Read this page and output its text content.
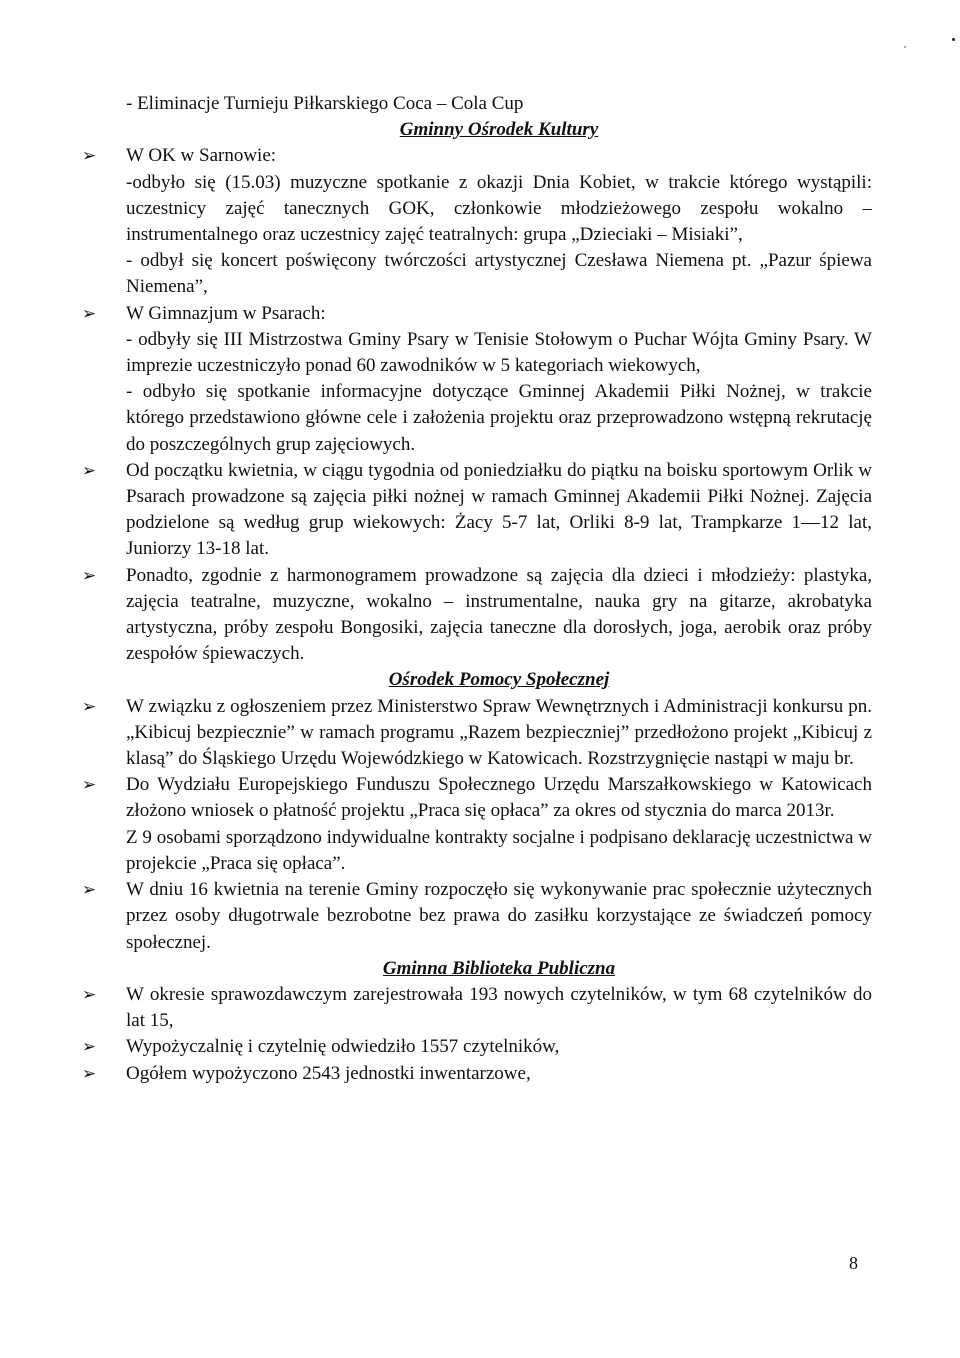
- Eliminacje Turnieju Piłkarskiego Coca – Cola Cup
Gminny Ośrodek Kultury
➢	W OK w Sarnowie:
-odbyło się (15.03) muzyczne spotkanie z okazji Dnia Kobiet, w trakcie którego wystąpili: uczestnicy zajęć tanecznych GOK, członkowie młodzieżowego zespołu wokalno – instrumentalnego oraz uczestnicy zajęć teatralnych: grupa „Dzieciaki – Misiaki”,
- odbył się koncert poświęcony twórczości artystycznej Czesława Niemena pt. „Pazur śpiewa Niemena”,
➢	W Gimnazjum w Psarach:
- odbyły się III Mistrzostwa Gminy Psary w Tenisie Stołowym o Puchar Wójta Gminy Psary. W imprezie uczestniczyło ponad 60 zawodników w 5 kategoriach wiekowych,
- odbyło się spotkanie informacyjne dotyczące Gminnej Akademii Piłki Nożnej, w trakcie którego przedstawiono główne cele i założenia projektu oraz przeprowadzono wstępną rekrutację do poszczególnych grup zajęciowych.
➢	Od początku kwietnia, w ciągu tygodnia od poniedziałku do piątku na boisku sportowym Orlik w Psarach prowadzone są zajęcia piłki nożnej w ramach Gminnej Akademii Piłki Nożnej. Zajęcia podzielone są według grup wiekowych: Żacy 5-7 lat, Orliki 8-9 lat, Trampkarze 1—12 lat, Juniorzy 13-18 lat.
➢	Ponadto, zgodnie z harmonogramem prowadzone są zajęcia dla dzieci i młodzieży: plastyka, zajęcia teatralne, muzyczne, wokalno – instrumentalne, nauka gry na gitarze, akrobatyka artystyczna, próby zespołu Bongosiki, zajęcia taneczne dla dorosłych, joga, aerobik oraz próby zespołów śpiewaczych.
Ośrodek Pomocy Społecznej
➢	W związku z ogłoszeniem przez Ministerstwo Spraw Wewnętrznych i Administracji konkursu pn. „Kibicuj bezpiecznie” w ramach programu „Razem bezpieczniej” przedłożono projekt „Kibicuj z klasą” do Śląskiego Urzędu Wojewódzkiego w Katowicach. Rozstrzygnięcie nastąpi w maju br.
➢	Do Wydziału Europejskiego Funduszu Społecznego Urzędu Marszałkowskiego w Katowicach złożono wniosek o płatność projektu „Praca się opłaca” za okres od stycznia do marca 2013r.
Z 9 osobami sporządzono indywidualne kontrakty socjalne i podpisano deklarację uczestnictwa w projekcie „Praca się opłaca”.
➢	W dniu 16 kwietnia na terenie Gminy rozpoczęło się wykonywanie prac społecznie użytecznych przez osoby długotrwale bezrobotne bez prawa do zasiłku korzystające ze świadczeń pomocy społecznej.
Gminna Biblioteka Publiczna
➢	W okresie sprawozdawczym zarejestrowała 193 nowych czytelników, w tym 68 czytelników do lat 15,
➢	Wypożyczalnię i czytelnię odwiedziło 1557 czytelników,
➢	Ogółem wypożyczono 2543 jednostki inwentarzowe,
8
